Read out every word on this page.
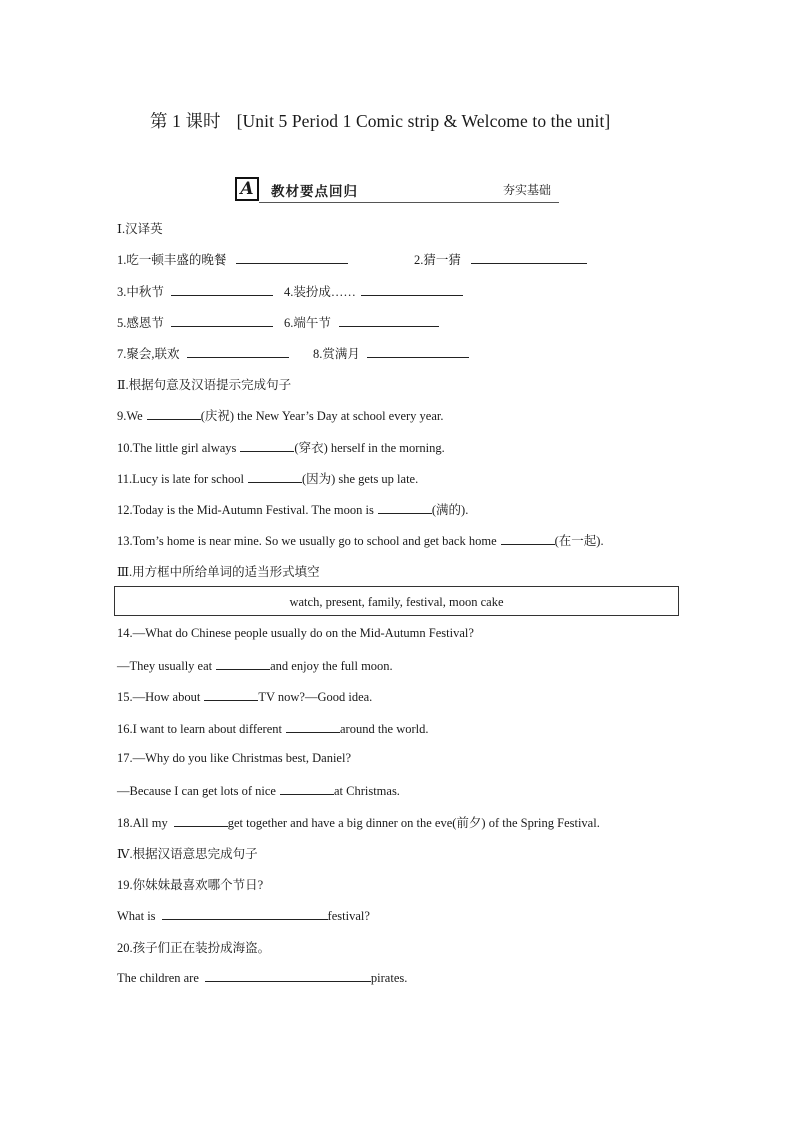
第 1 课时 [Unit 5 Period 1 Comic strip & Welcome to the unit]
A	教材要点回归	夯实基础
Ⅰ.汉译英
1.吃一顿丰盛的晚餐	2.猜一猜
3.中秋节	4.装扮成……
5.感恩节	6.端午节
7.聚会,联欢	8.赏满月
Ⅱ.根据句意及汉语提示完成句子
9.We	(庆祝) the New Year’s Day at school every year.
10.The little girl always	(穿衣) herself in the morning.
11.Lucy is late for school	(因为) she gets up late.
12.Today is the Mid-Autumn Festival. The moon is	(满的).
13.Tom’s home is near mine. So we usually go to school and get back home	(在一起).
Ⅲ.用方框中所给单词的适当形式填空
watch, present, family, festival, moon cake
14.—What do Chinese people usually do on the Mid-Autumn Festival?
—They usually eat	and enjoy the full moon.
15.—How about	TV now?—Good idea.
16.I want to learn about different	around the world.
17.—Why do you like Christmas best, Daniel?
—Because I can get lots of nice	at Christmas.
18.All my	get together and have a big dinner on the eve(前夕) of the Spring Festival.
Ⅳ.根据汉语意思完成句子
19.你妹妹最喜欢哪个节日?
What is	festival?
20.孩子们正在装扮成海盗。
The children are	pirates.
